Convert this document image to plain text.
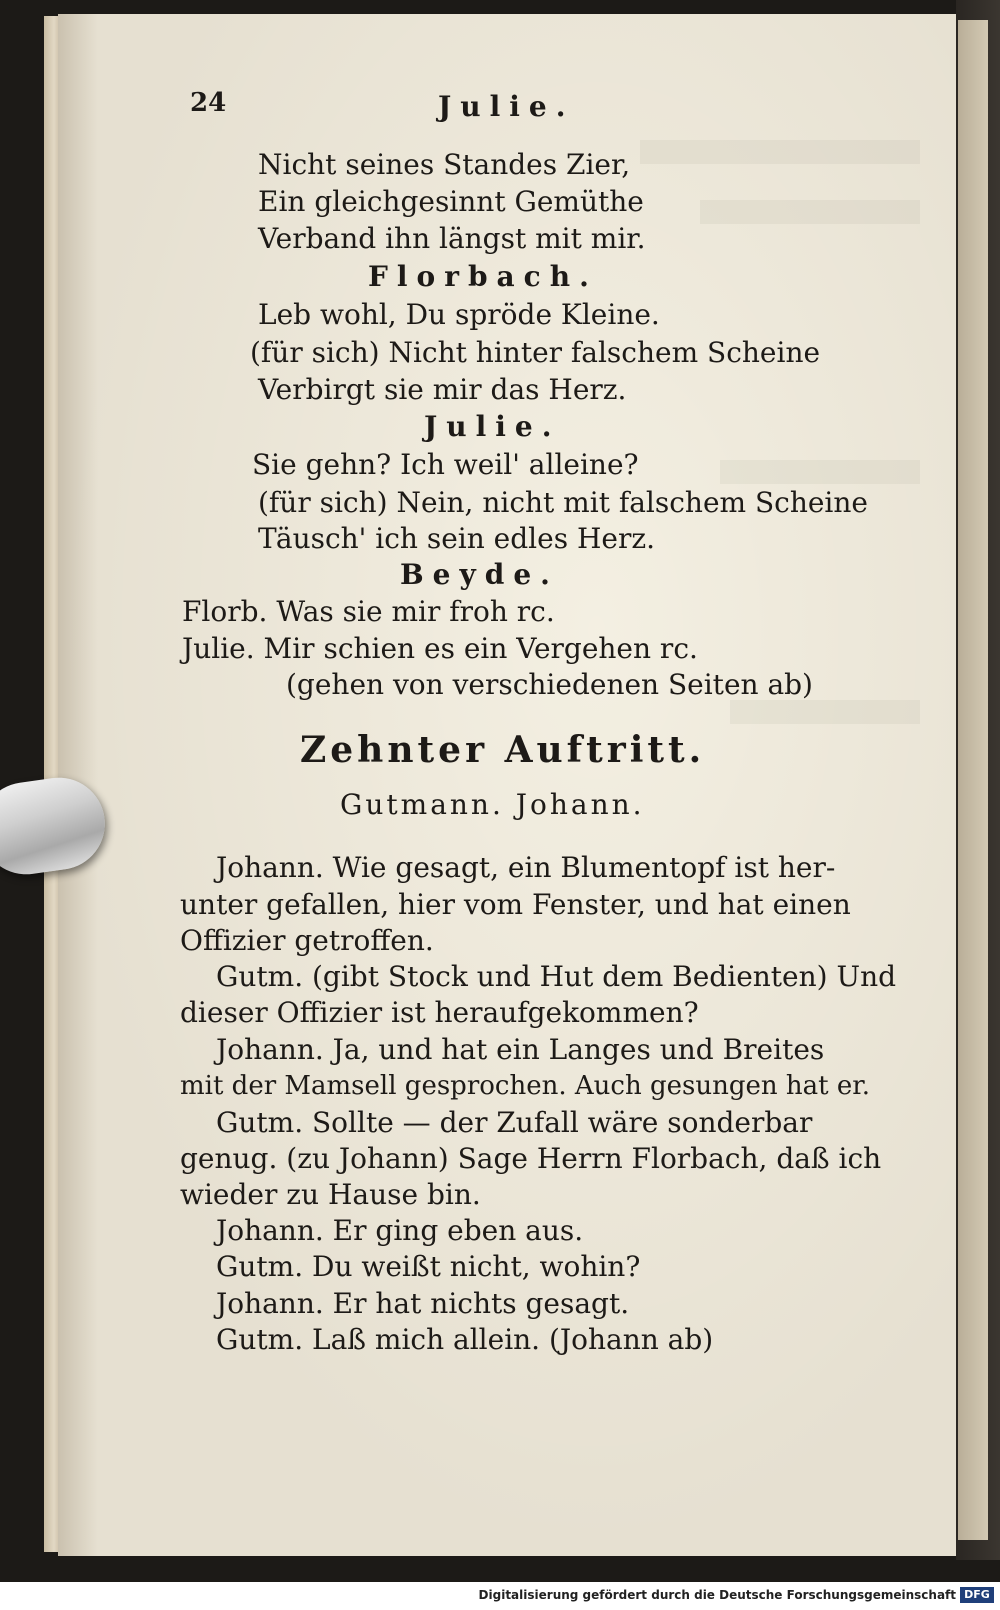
24	Julie.
Nicht seines Standes Zier,
Ein gleichgesinnt Gemüthe
Verband ihn längst mit mir.
Florbach.
Leb wohl, Du spröde Kleine.
(für sich) Nicht hinter falschem Scheine
Verbirgt sie mir das Herz.
Julie.
Sie gehn? Ich weil' alleine?
(für sich) Nein, nicht mit falschem Scheine
Täusch' ich sein edles Herz.
Beyde.
Florb. Was sie mir froh rc.
Julie. Mir schien es ein Vergehen rc.
(gehen von verschiedenen Seiten ab)
Zehnter Auftritt.
Gutmann. Johann.
Johann. Wie gesagt, ein Blumentopf ist her-
unter gefallen, hier vom Fenster, und hat einen
Offizier getroffen.
Gutm. (gibt Stock und Hut dem Bedienten) Und
dieser Offizier ist heraufgekommen?
Johann. Ja, und hat ein Langes und Breites
mit der Mamsell gesprochen. Auch gesungen hat er.
Gutm. Sollte — der Zufall wäre sonderbar
genug. (zu Johann) Sage Herrn Florbach, daß ich
wieder zu Hause bin.
Johann. Er ging eben aus.
Gutm. Du weißt nicht, wohin?
Johann. Er hat nichts gesagt.
Gutm. Laß mich allein. (Johann ab)
Digitalisierung gefördert durch die Deutsche Forschungsgemeinschaft DFG
